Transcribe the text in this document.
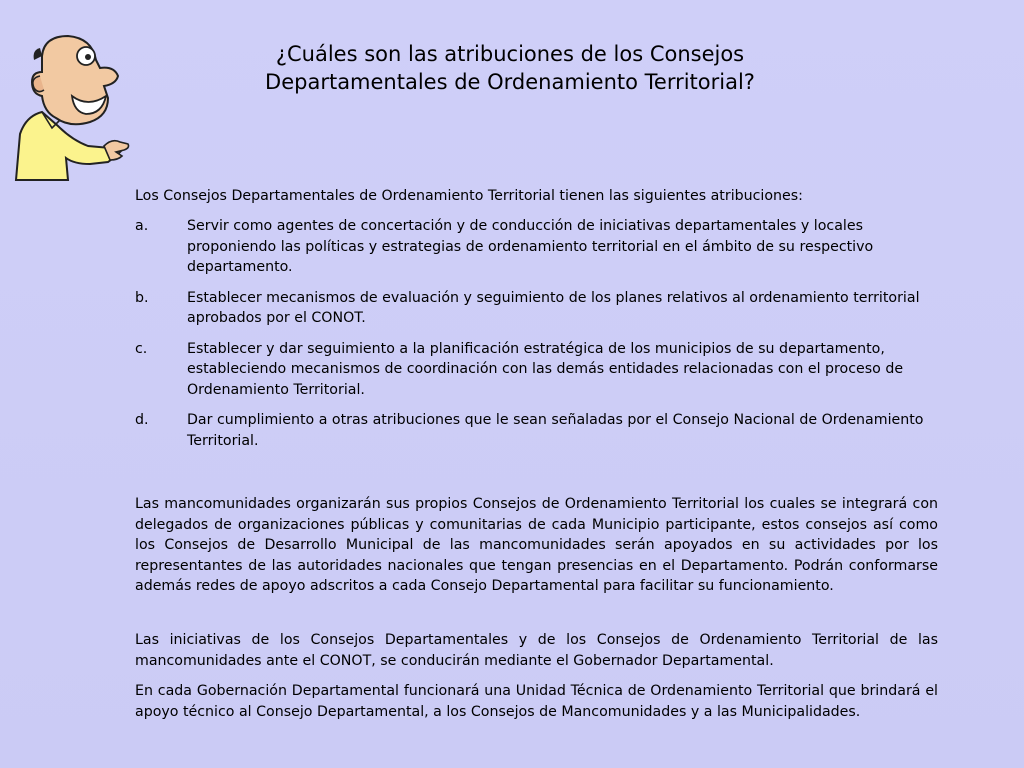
¿Cuáles son las atribuciones de los Consejos Departamentales de Ordenamiento Territorial?
Los Consejos Departamentales de Ordenamiento Territorial tienen las siguientes atribuciones:
a.	Servir como agentes de concertación y de conducción de iniciativas departamentales y locales proponiendo las políticas y estrategias de ordenamiento territorial en el ámbito de su respectivo departamento.
b.	Establecer mecanismos de evaluación y seguimiento de los planes relativos al ordenamiento territorial aprobados por el CONOT.
c.	Establecer y dar seguimiento a la planificación estratégica de los municipios de su departamento, estableciendo mecanismos de coordinación con las demás entidades relacionadas con el proceso de Ordenamiento Territorial.
d.	Dar cumplimiento a otras atribuciones que le sean señaladas por el Consejo Nacional de Ordenamiento Territorial.

Las mancomunidades organizarán sus propios Consejos de Ordenamiento Territorial los cuales se integrará con delegados de organizaciones públicas y comunitarias de cada Municipio participante, estos consejos así como los Consejos de Desarrollo Municipal de las mancomunidades serán apoyados en su actividades por los representantes de las autoridades nacionales que tengan presencias en el Departamento. Podrán conformarse además redes de apoyo adscritos a cada Consejo Departamental para facilitar su funcionamiento.

Las iniciativas de los Consejos Departamentales y de los Consejos de Ordenamiento Territorial de las mancomunidades ante el CONOT, se conducirán mediante el Gobernador Departamental.

En cada Gobernación Departamental funcionará una Unidad Técnica de Ordenamiento Territorial que brindará el apoyo técnico al Consejo Departamental, a los Consejos de Mancomunidades y a las Municipalidades.
